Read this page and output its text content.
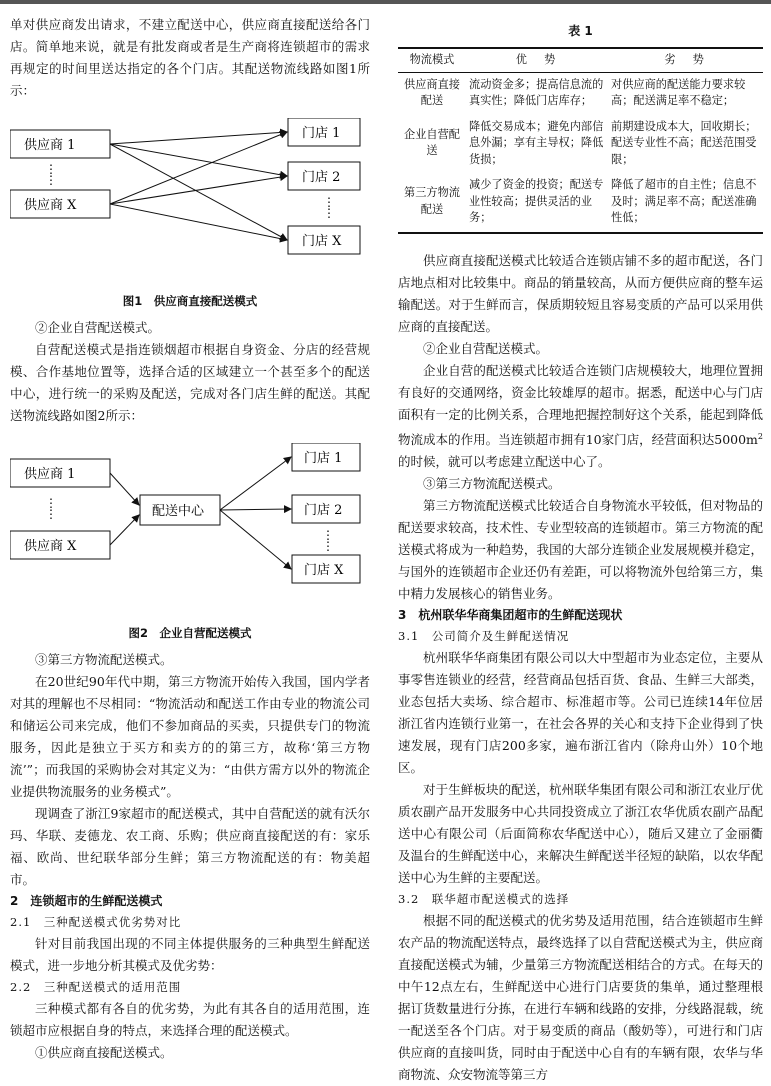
单对供应商发出请求，不建立配送中心，供应商直接配送给各门店。简单地来说，就是有批发商或者是生产商将连锁超市的需求再规定的时间里送达指定的各个门店。其配送物流线路如图1所示：

供应商 1
⋮
⋮
供应商 X
门店 1
门店 2
⋮
⋮
门店 X

图1　供应商直接配送模式

②企业自营配送模式。

自营配送模式是指连锁烟超市根据自身资金、分店的经营规模、合作基地位置等，选择合适的区域建立一个甚至多个的配送中心，进行统一的采购及配送，完成对各门店生鲜的配送。其配送物流线路如图2所示：

供应商 1
⋮
⋮
供应商 X
配送中心
门店 1
门店 2
⋮
⋮
门店 X

图2　企业自营配送模式

③第三方物流配送模式。

在20世纪90年代中期，第三方物流开始传入我国，国内学者对其的理解也不尽相同：“物流活动和配送工作由专业的物流公司和储运公司来完成，他们不参加商品的买卖，只提供专门的物流服务，因此是独立于买方和卖方的的第三方，故称‘第三方物流’”；而我国的采购协会对其定义为：“由供方需方以外的物流企业提供物流服务的业务模式”。

现调查了浙江9家超市的配送模式，其中自营配送的就有沃尔玛、华联、麦德龙、农工商、乐购；供应商直接配送的有：家乐福、欧尚、世纪联华部分生鲜；第三方物流配送的有：物美超市。

2　连锁超市的生鲜配送模式

2.1　三种配送模式优劣势对比

针对目前我国出现的不同主体提供服务的三种典型生鲜配送模式，进一步地分析其模式及优劣势：

2.2　三种配送模式的适用范围

三种模式都有各自的优劣势，为此有其各自的适用范围，连锁超市应根据自身的特点，来选择合理的配送模式。

①供应商直接配送模式。

表 1

物流模式	优　势	劣　势
供应商直接配送	流动资金多；提高信息流的真实性；降低门店库存；	对供应商的配送能力要求较高；配送满足率不稳定；
企业自营配送	降低交易成本；避免内部信息外漏；享有主导权；降低货损；	前期建设成本大，回收期长；配送专业性不高；配送范围受限；
第三方物流配送	减少了资金的投资；配送专业性较高；提供灵活的业务；	降低了超市的自主性；信息不及时；满足率不高；配送准确性低；

供应商直接配送模式比较适合连锁店铺不多的超市配送，各门店地点相对比较集中。商品的销量较高，从而方便供应商的整车运输配送。对于生鲜而言，保质期较短且容易变质的产品可以采用供应商的直接配送。

②企业自营配送模式。

企业自营的配送模式比较适合连锁门店规模较大，地理位置拥有良好的交通网络，资金比较雄厚的超市。据悉，配送中心与门店面积有一定的比例关系，合理地把握控制好这个关系，能起到降低物流成本的作用。当连锁超市拥有10家门店，经营面积达$5000m^2$的时候，就可以考虑建立配送中心了。

③第三方物流配送模式。

第三方物流配送模式比较适合自身物流水平较低，但对物品的配送要求较高，技术性、专业型较高的连锁超市。第三方物流的配送模式将成为一种趋势，我国的大部分连锁企业发展规模并稳定，与国外的连锁超市企业还仍有差距，可以将物流外包给第三方，集中精力发展核心的销售业务。

3　杭州联华华商集团超市的生鲜配送现状

3.1　公司简介及生鲜配送情况

杭州联华华商集团有限公司以大中型超市为业态定位，主要从事零售连锁业的经营，经营商品包括百货、食品、生鲜三大部类，业态包括大卖场、综合超市、标准超市等。公司已连续14年位居浙江省内连锁行业第一，在社会各界的关心和支持下企业得到了快速发展，现有门店200多家，遍布浙江省内（除舟山外）10个地区。

对于生鲜板块的配送，杭州联华集团有限公司和浙江农业厅优质农副产品开发服务中心共同投资成立了浙江农华优质农副产品配送中心有限公司（后面简称农华配送中心），随后又建立了金丽衢及温台的生鲜配送中心，来解决生鲜配送半径短的缺陷，以农华配送中心为生鲜的主要配送。

3.2　联华超市配送模式的选择

根据不同的配送模式的优劣势及适用范围，结合连锁超市生鲜农产品的物流配送特点，最终选择了以自营配送模式为主，供应商直接配送模式为辅，少量第三方物流配送相结合的方式。在每天的中午12点左右，生鲜配送中心进行门店要货的集单，通过整理根据订货数量进行分拣，在进行车辆和线路的安排，分线路混载，统一配送至各个门店。对于易变质的商品（酸奶等），可进行和门店供应商的直接叫货，同时由于配送中心自有的车辆有限，农华与华商物流、众安物流等第三方
